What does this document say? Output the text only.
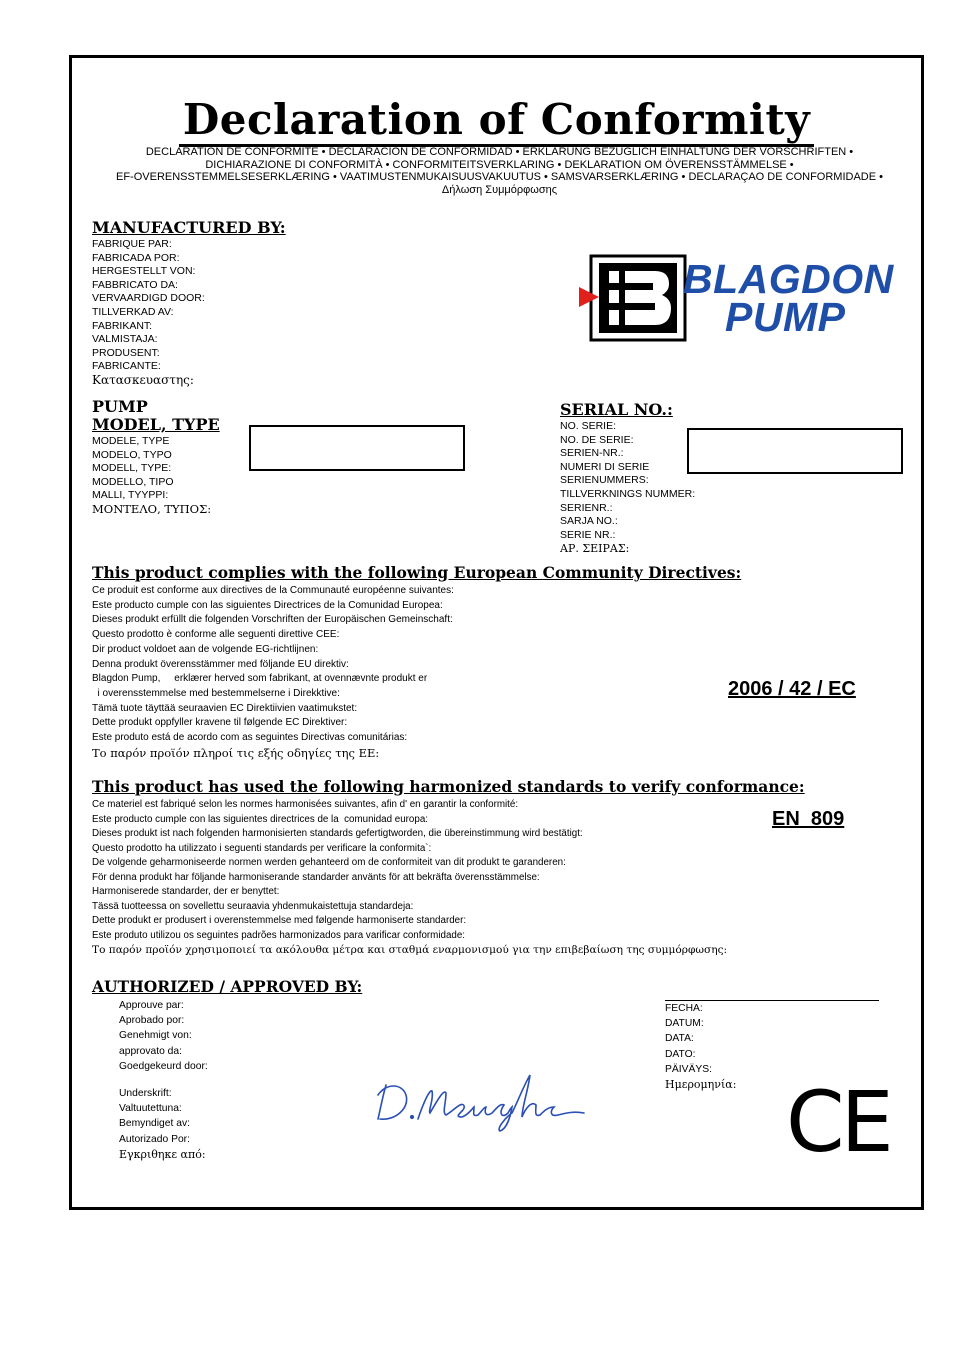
Declaration of Conformity
DECLARATION DE CONFORMITE • DECLARACION DE CONFORMIDAD • ERKLÄRUNG BEZÜGLICH EINHALTUNG DER VORSCHRIFTEN •
DICHIARAZIONE DI CONFORMITÀ • CONFORMITEITSVERKLARING • DEKLARATION OM ÖVERENSSTÄMMELSE •
EF-OVERENSSTEMMELSESERKLÆRING • VAATIMUSTENMUKAISUUSVAKUUTUS • SAMSVARSERKLÆRING • DECLARAÇAO DE CONFORMIDADE •
Δήλωση Συμμόρφωσης
MANUFACTURED BY:
FABRIQUE PAR:
FABRICADA POR:
HERGESTELLT VON:
FABBRICATO DA:
VERVAARDIGD DOOR:
TILLVERKAD AV:
FABRIKANT:
VALMISTAJA:
PRODUSENT:
FABRICANTE:
Κατασκευαστης:
BLAGDON
PUMP
PUMP
MODEL, TYPE
MODELE, TYPE
MODELO, TYPO
MODELL, TYPE:
MODELLO, TIPO
MALLI, TYYPPI:
ΜΟΝΤΕΛΟ, ΤΥΠΟΣ:
SERIAL NO.:
NO. SERIE:
NO. DE SERIE:
SERIEN-NR.:
NUMERI DI SERIE
SERIENUMMERS:
TILLVERKNINGS NUMMER:
SERIENR.:
SARJA NO.:
SERIE NR.:
ΑΡ. ΣΕΙΡΑΣ:
This product complies with the following European Community Directives:
Ce produit est conforme aux directives de la Communauté européenne suivantes:
Este producto cumple con las siguientes Directrices de la Comunidad Europea:
Dieses produkt erfüllt die folgenden Vorschriften der Europäischen Gemeinschaft:
Questo prodotto è conforme alle seguenti direttive CEE:
Dir product voldoet aan de volgende EG-richtlijnen:
Denna produkt överensstämmer med följande EU direktiv:
Blagdon Pump,     erklærer herved som fabrikant, at ovennævnte produkt er
i overensstemmelse med bestemmelserne i Direkktive:
Tämä tuote täyttää seuraavien EC Direktiivien vaatimukstet:
Dette produkt oppfyller kravene til følgende EC Direktiver:
Este produto está de acordo com as seguintes Directivas comunitárias:
Το παρόν προϊόν πληροί τις εξής οδηγίες της ΕΕ:
2006 / 42 / EC
This product has used the following harmonized standards to verify conformance:
Ce materiel est fabriqué selon les normes harmonisées suivantes, afin d' en garantir la conformité:
Este producto cumple con las siguientes directrices de la  comunidad europa:
Dieses produkt ist nach folgenden harmonisierten standards gefertigtworden, die übereinstimmung wird bestätigt:
Questo prodotto ha utilizzato i seguenti standards per verificare la conformita`:
De volgende geharmoniseerde normen werden gehanteerd om de conformiteit van dit produkt te garanderen:
För denna produkt har följande harmoniserande standarder använts för att bekräfta överensstämmelse:
Harmoniserede standarder, der er benyttet:
Tässä tuotteessa on sovellettu seuraavia yhdenmukaistettuja standardeja:
Dette produkt er produsert i overenstemmelse med følgende harmoniserte standarder:
Este produto utilizou os seguintes padrões harmonizados para varificar conformidade:
Το παρόν προϊόν χρησιμοποιεί τα ακόλουθα μέτρα και σταθμά εναρμονισμού για την επιβεβαίωση της συμμόρφωσης:
EN  809
AUTHORIZED / APPROVED BY:
Approuve par:
Aprobado por:
Genehmigt von:
approvato da:
Goedgekeurd door:
Underskrift:
Valtuutettuna:
Bemyndiget av:
Autorizado Por:
Εγκριθηκε από:
FECHA:
DATUM:
DATA:
DATO:
PÄIVÄYS:
Ημερομηνία: CE
